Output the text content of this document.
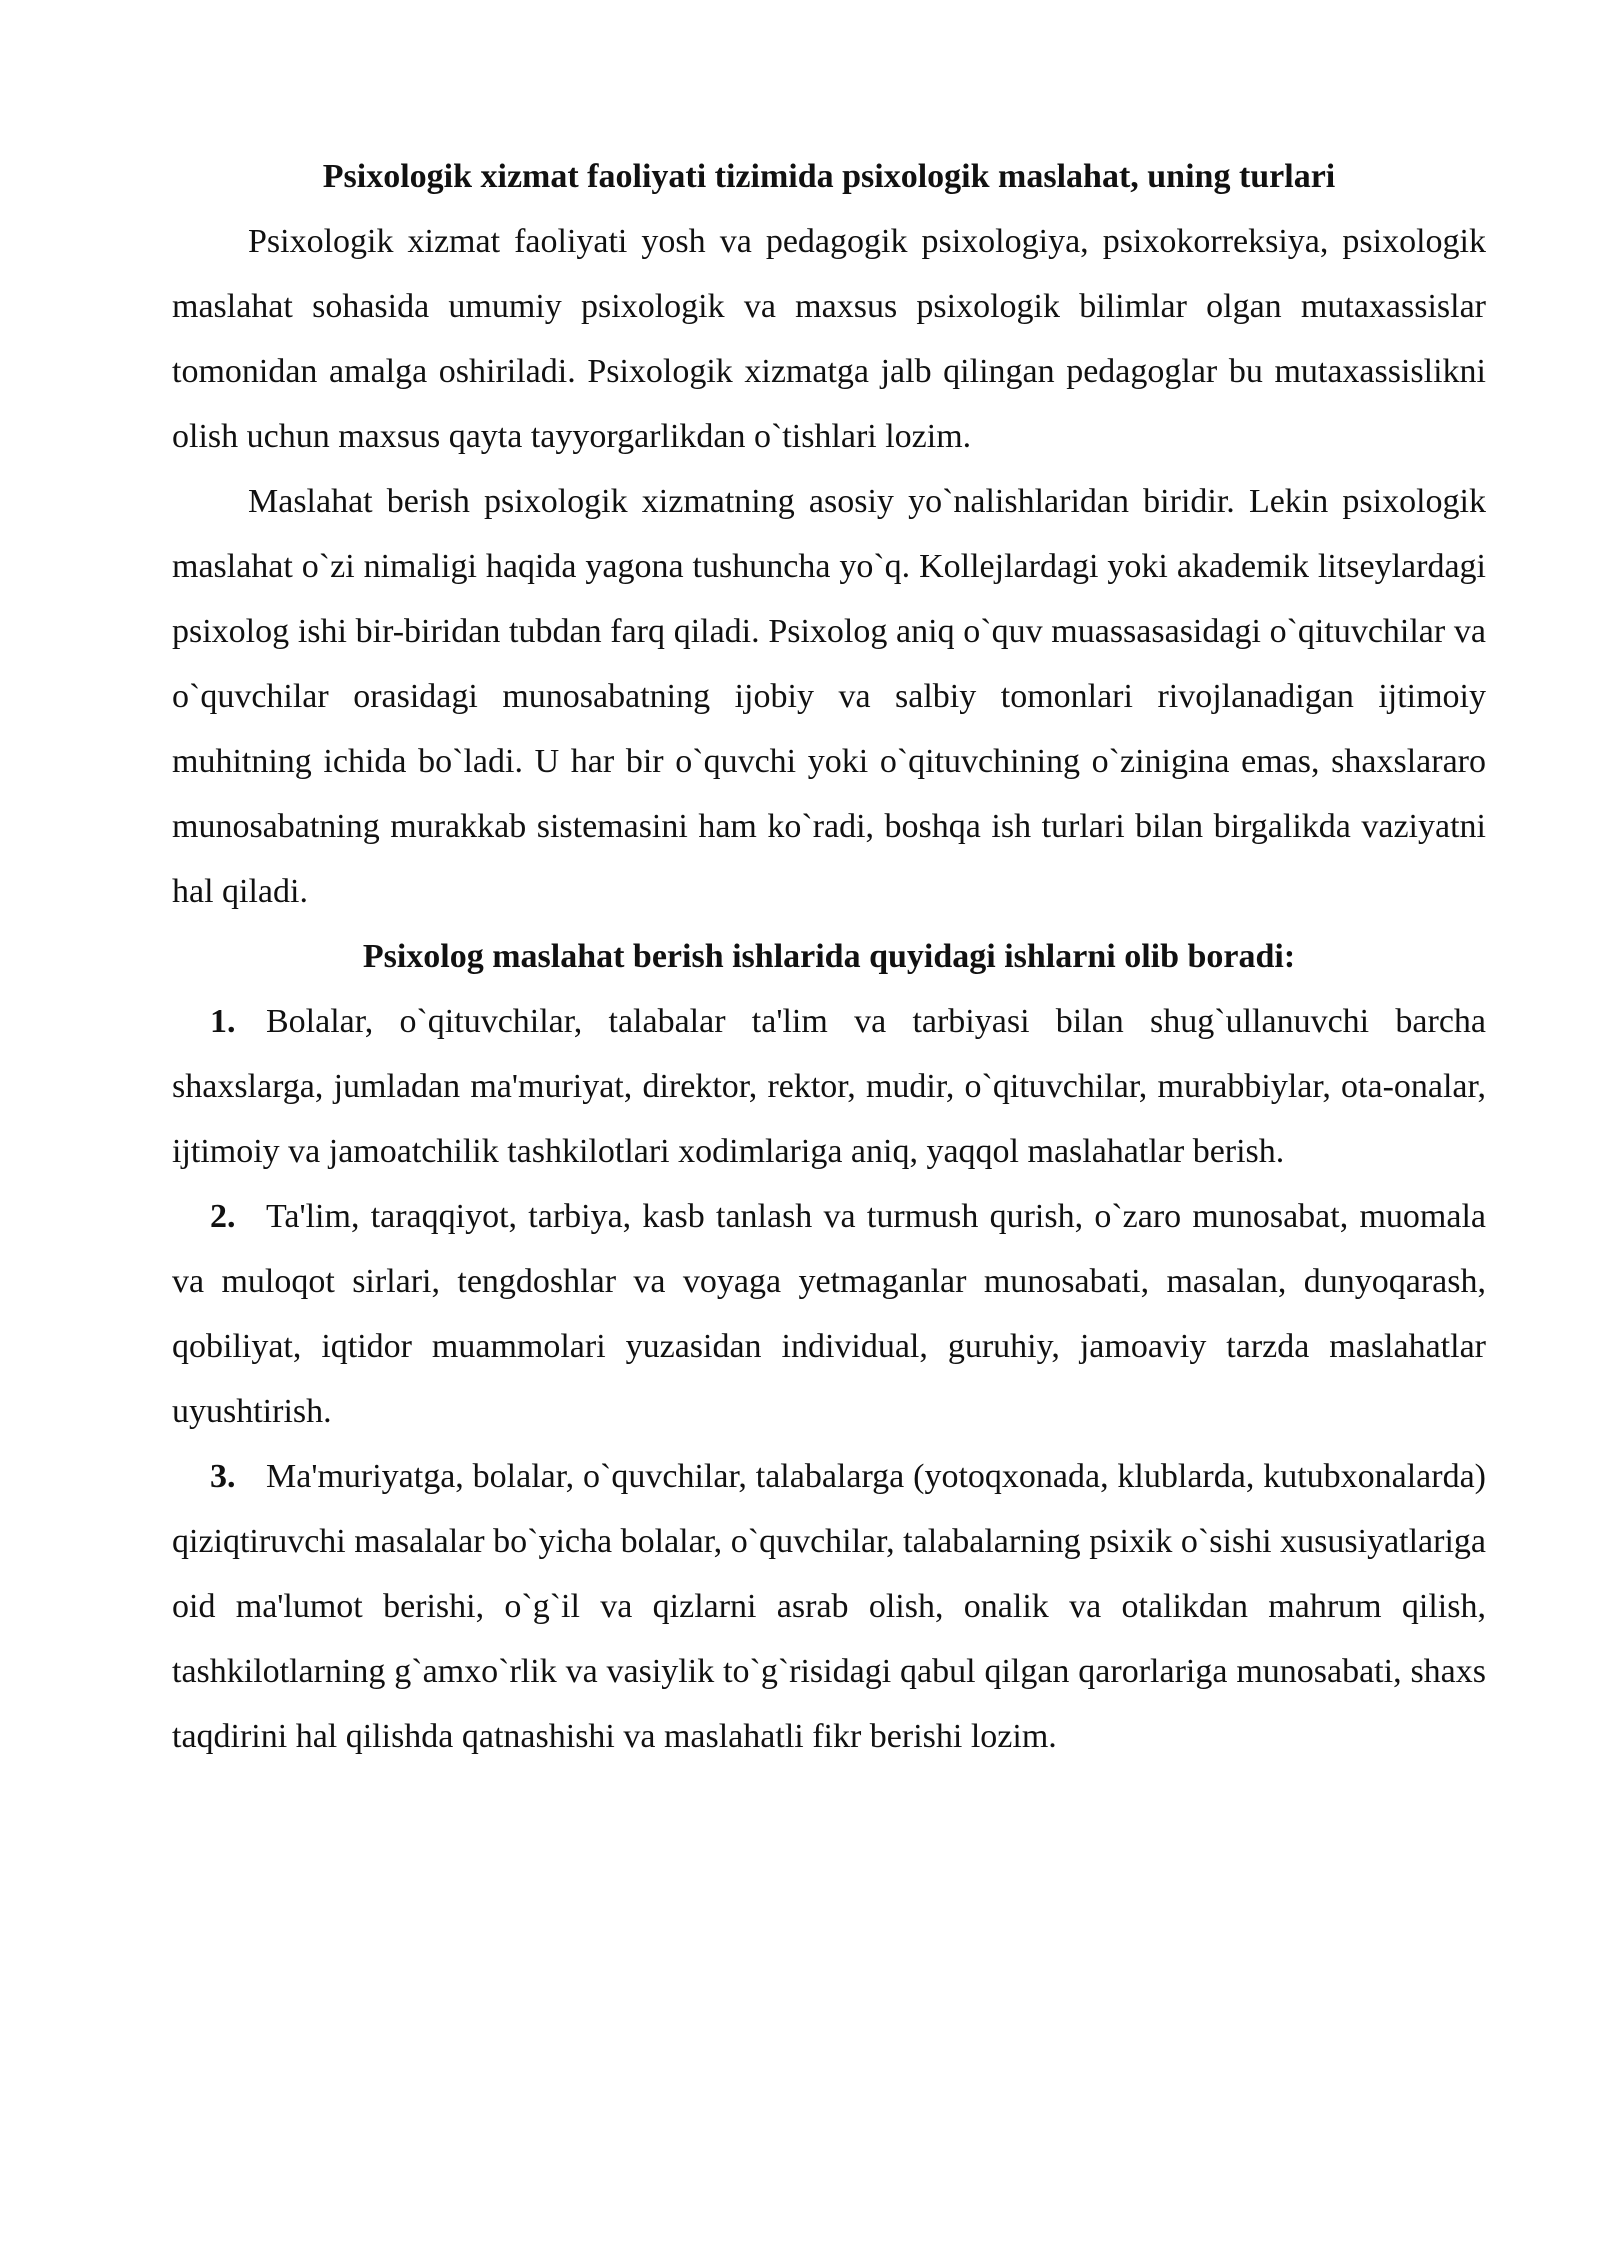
Psixologik xizmat faoliyati tizimida psixologik maslahat, uning turlari

Psixologik xizmat faoliyati yosh va pedagogik psixologiya, psixokorreksiya, psixologik maslahat sohasida umumiy psixologik va maxsus psixologik bilimlar olgan mutaxassislar tomonidan amalga oshiriladi. Psixologik xizmatga jalb qilingan pedagoglar bu mutaxassislikni olish uchun maxsus qayta tayyorgarlikdan o`tishlari lozim.

Maslahat berish psixologik xizmatning asosiy yo`nalishlaridan biridir. Lekin psixologik maslahat o`zi nimaligi haqida yagona tushuncha yo`q. Kollejlardagi yoki akademik litseylardagi psixolog ishi bir-biridan tubdan farq qiladi. Psixolog aniq o`quv muassasasidagi o`qituvchilar va o`quvchilar orasidagi munosabatning ijobiy va salbiy tomonlari rivojlanadigan ijtimoiy muhitning ichida bo`ladi. U har bir o`quvchi yoki o`qituvchining o`zinigina emas, shaxslararo munosabatning murakkab sistemasini ham ko`radi, boshqa ish turlari bilan birgalikda vaziyatni hal qiladi.

Psixolog maslahat berish ishlarida quyidagi ishlarni olib boradi:

1. Bolalar, o`qituvchilar, talabalar ta'lim va tarbiyasi bilan shug`ullanuvchi barcha shaxslarga, jumladan ma'muriyat, direktor, rektor, mudir, o`qituvchilar, murabbiylar, ota-onalar, ijtimoiy va jamoatchilik tashkilotlari xodimlariga aniq, yaqqol maslahatlar berish.

2. Ta'lim, taraqqiyot, tarbiya, kasb tanlash va turmush qurish, o`zaro munosabat, muomala va muloqot sirlari, tengdoshlar va voyaga yetmaganlar munosabati, masalan, dunyoqarash, qobiliyat, iqtidor muammolari yuzasidan individual, guruhiy, jamoaviy tarzda maslahatlar uyushtirish.

3. Ma'muriyatga, bolalar, o`quvchilar, talabalarga (yotoqxonada, klublarda, kutubxonalarda) qiziqtiruvchi masalalar bo`yicha bolalar, o`quvchilar, talabalarning psixik o`sishi xususiyatlariga oid ma'lumot berishi, o`g`il va qizlarni asrab olish, onalik va otalikdan mahrum qilish, tashkilotlarning g`amxo`rlik va vasiylik to`g`risidagi qabul qilgan qarorlariga munosabati, shaxs taqdirini hal qilishda qatnashishi va maslahatli fikr berishi lozim.
